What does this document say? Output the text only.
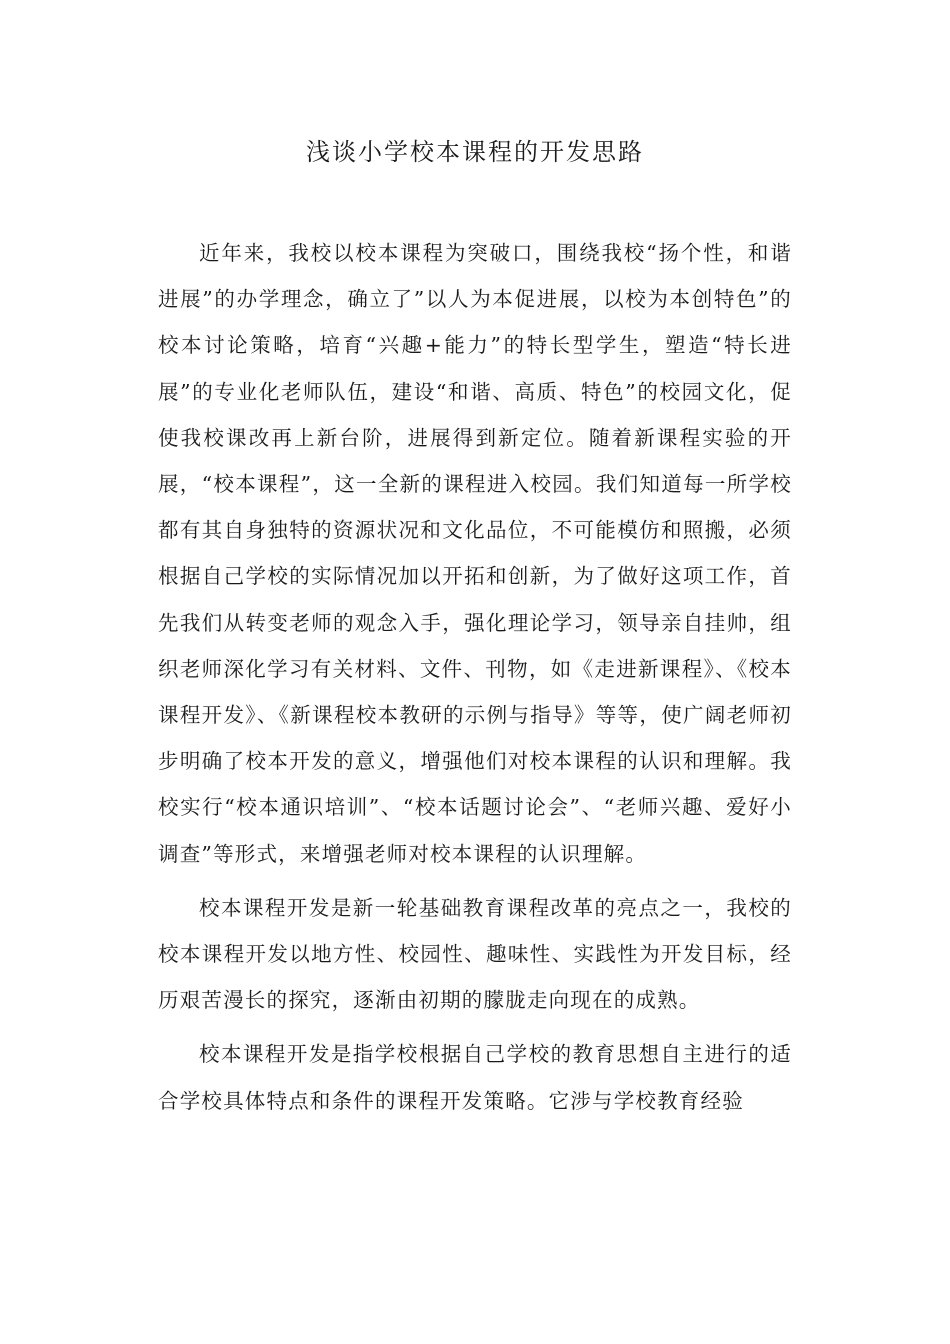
浅谈小学校本课程的开发思路

近年来，我校以校本课程为突破口，围绕我校“扬个性，和谐进展”的办学理念，确立了”以人为本促进展，以校为本创特色”的校本讨论策略，培育“兴趣+能力”的特长型学生，塑造“特长进展”的专业化老师队伍，建设“和谐、高质、特色”的校园文化，促使我校课改再上新台阶，进展得到新定位。随着新课程实验的开展，“校本课程”，这一全新的课程进入校园。我们知道每一所学校都有其自身独特的资源状况和文化品位，不可能模仿和照搬，必须根据自己学校的实际情况加以开拓和创新，为了做好这项工作，首先我们从转变老师的观念入手，强化理论学习，领导亲自挂帅，组织老师深化学习有关材料、文件、刊物，如《走进新课程》、《校本课程开发》、《新课程校本教研的示例与指导》等等，使广阔老师初步明确了校本开发的意义，增强他们对校本课程的认识和理解。我校实行“校本通识培训”、“校本话题讨论会”、“老师兴趣、爱好小调查”等形式，来增强老师对校本课程的认识理解。

校本课程开发是新一轮基础教育课程改革的亮点之一，我校的校本课程开发以地方性、校园性、趣味性、实践性为开发目标，经历艰苦漫长的探究，逐渐由初期的朦胧走向现在的成熟。

校本课程开发是指学校根据自己学校的教育思想自主进行的适合学校具体特点和条件的课程开发策略。它涉与学校教育经验
